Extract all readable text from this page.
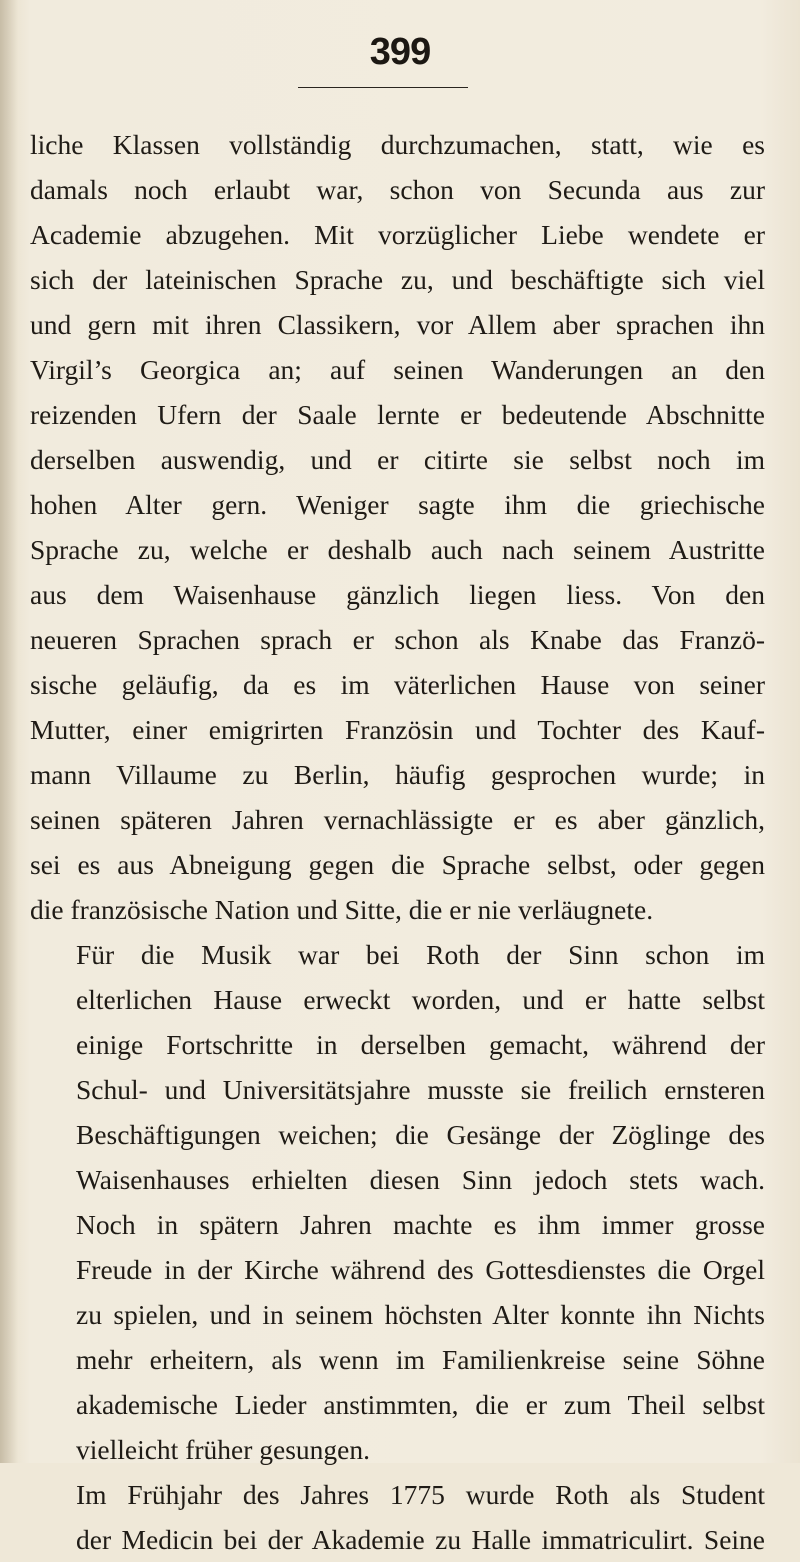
399
liche Klassen vollständig durchzumachen, statt, wie es
damals noch erlaubt war, schon von Secunda aus zur
Academie abzugehen. Mit vorzüglicher Liebe wendete er
sich der lateinischen Sprache zu, und beschäftigte sich viel
und gern mit ihren Classikern, vor Allem aber sprachen ihn
Virgil’s Georgica an; auf seinen Wanderungen an den
reizenden Ufern der Saale lernte er bedeutende Abschnitte
derselben auswendig, und er citirte sie selbst noch im
hohen Alter gern. Weniger sagte ihm die griechische
Sprache zu, welche er deshalb auch nach seinem Austritte
aus dem Waisenhause gänzlich liegen liess. Von den
neueren Sprachen sprach er schon als Knabe das Franzö-
sische geläufig, da es im väterlichen Hause von seiner
Mutter, einer emigrirten Französin und Tochter des Kauf-
mann Villaume zu Berlin, häufig gesprochen wurde; in
seinen späteren Jahren vernachlässigte er es aber gänzlich,
sei es aus Abneigung gegen die Sprache selbst, oder gegen
die französische Nation und Sitte, die er nie verläugnete.
Für die Musik war bei Roth der Sinn schon im
elterlichen Hause erweckt worden, und er hatte selbst
einige Fortschritte in derselben gemacht, während der
Schul- und Universitätsjahre musste sie freilich ernsteren
Beschäftigungen weichen; die Gesänge der Zöglinge des
Waisenhauses erhielten diesen Sinn jedoch stets wach.
Noch in spätern Jahren machte es ihm immer grosse
Freude in der Kirche während des Gottesdienstes die Orgel
zu spielen, und in seinem höchsten Alter konnte ihn Nichts
mehr erheitern, als wenn im Familienkreise seine Söhne
akademische Lieder anstimmten, die er zum Theil selbst
vielleicht früher gesungen.
Im Frühjahr des Jahres 1775 wurde Roth als Student
der Medicin bei der Akademie zu Halle immatriculirt. Seine
